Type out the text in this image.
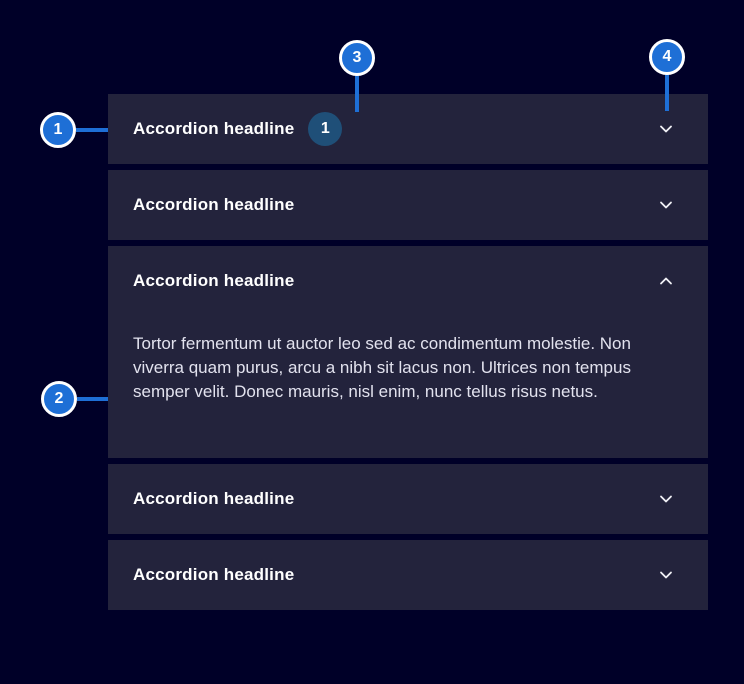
Accordion headline	1
Accordion headline
Accordion headline
Tortor fermentum ut auctor leo sed ac condimentum molestie. Non viverra quam purus, arcu a nibh sit lacus non. Ultrices non tempus semper velit. Donec mauris, nisl enim, nunc tellus risus netus.
Accordion headline
Accordion headline
1
2
3	4
